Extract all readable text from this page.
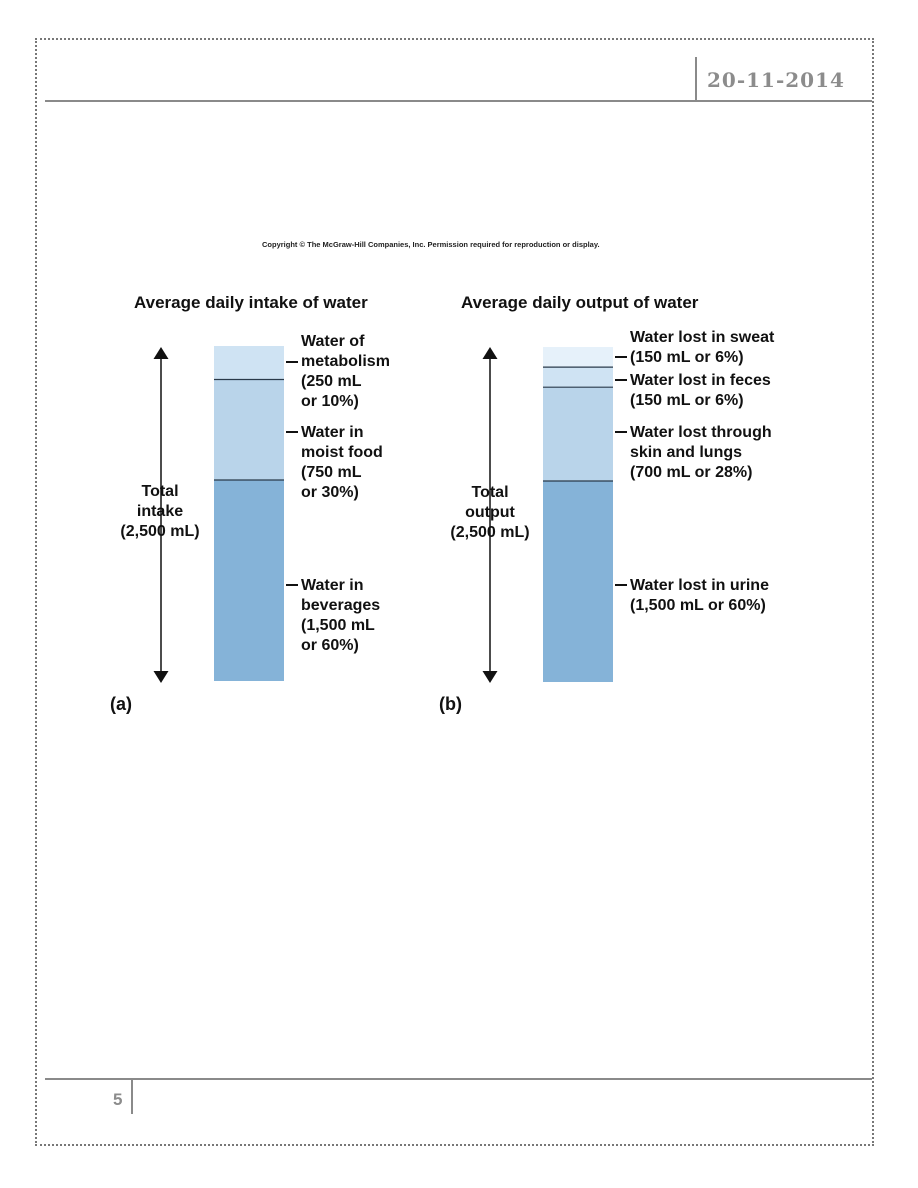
20-11-2014
Copyright © The McGraw-Hill Companies, Inc. Permission required for reproduction or display.
Average daily intake of water	Average daily output of water
Water of
metabolism
(250 mL
or 10%)
Water in
moist food
(750 mL
or 30%)
Water in
beverages
(1,500 mL
or 60%)
Total
intake
(2,500 mL)
Water lost in sweat
(150 mL or 6%)
Water lost in feces
(150 mL or 6%)
Water lost through
skin and lungs
(700 mL or 28%)
Water lost in urine
(1,500 mL or 60%)
Total
output
(2,500 mL)
(a)	(b)
5
